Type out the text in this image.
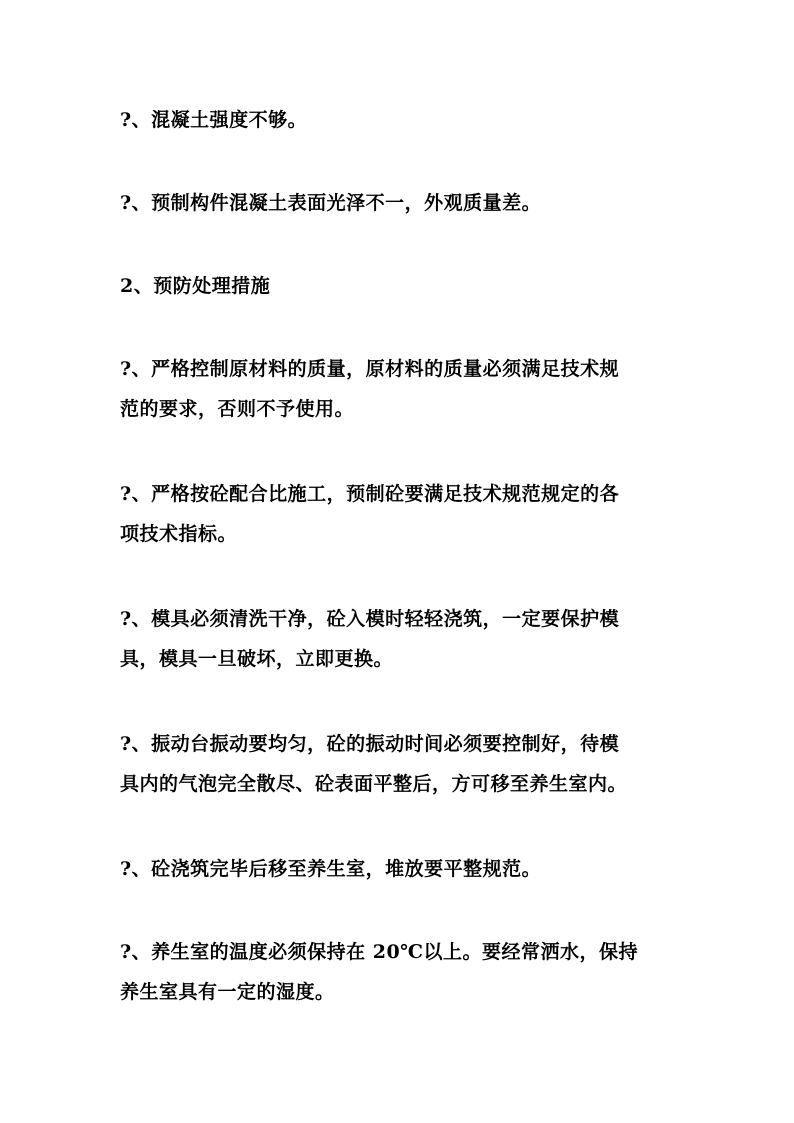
?、混凝土强度不够。

?、预制构件混凝土表面光泽不一，外观质量差。

2、预防处理措施

?、严格控制原材料的质量，原材料的质量必须满足技术规
范的要求，否则不予使用。

?、严格按砼配合比施工，预制砼要满足技术规范规定的各
项技术指标。

?、模具必须清洗干净，砼入模时轻轻浇筑，一定要保护模
具，模具一旦破坏，立即更换。

?、振动台振动要均匀，砼的振动时间必须要控制好，待模
具内的气泡完全散尽、砼表面平整后，方可移至养生室内。

?、砼浇筑完毕后移至养生室，堆放要平整规范。

?、养生室的温度必须保持在 20℃以上。要经常洒水，保持
养生室具有一定的湿度。
